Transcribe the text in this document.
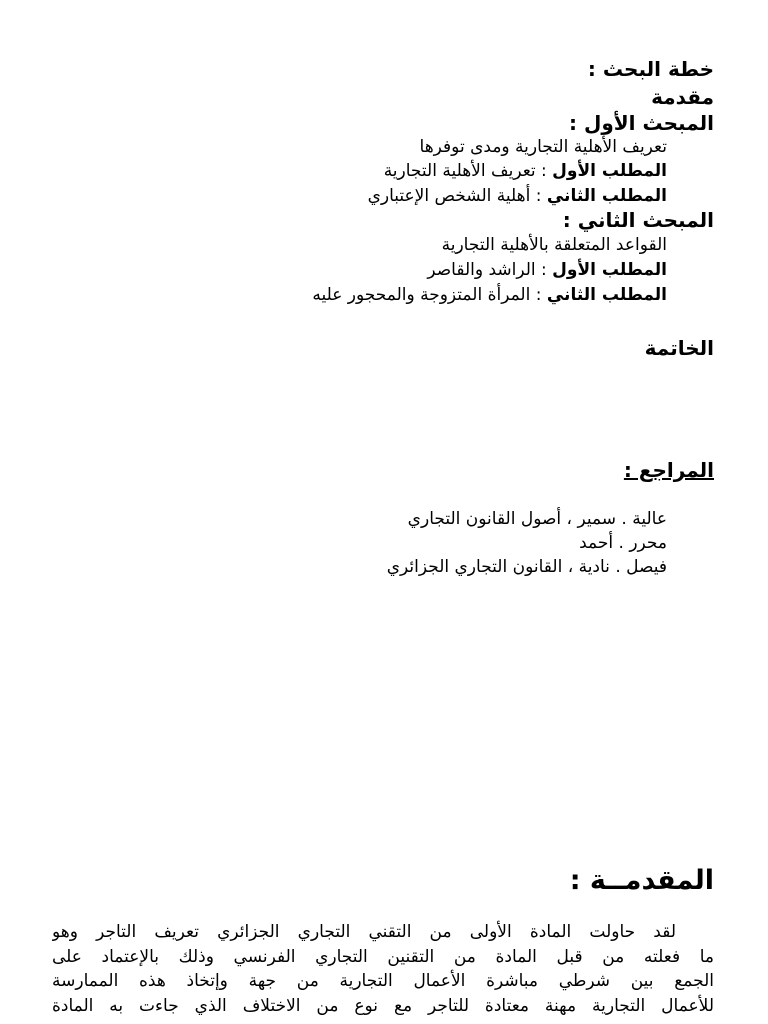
خطة البحث :
مقدمة
المبحث الأول :
تعريف الأهلية التجارية ومدى توفرها
المطلب الأول : تعريف الأهلية التجارية
المطلب الثاني : أهلية الشخص الإعتباري
المبحث الثاني :
القواعد المتعلقة بالأهلية التجارية
المطلب الأول : الراشد والقاصر
المطلب الثاني : المرأة المتزوجة والمحجور عليه
الخاتمة
المراجع :
عالية . سمير ، أصول القانون التجاري
محرر . أحمد
فيصل . نادية ، القانون التجاري الجزائري
المقدمــة :
لقد حاولت المادة الأولى من التقني التجاري الجزائري تعريف التاجر وهو
ما فعلته من قبل المادة من التقنين التجاري الفرنسي وذلك بالإعتماد على
الجمع بين شرطي مباشرة الأعمال التجارية من جهة وإتخاذ هذه الممارسة
للأعمال التجارية مهنة معتادة للتاجر مع نوع من الاختلاف الذي جاءت به المادة
